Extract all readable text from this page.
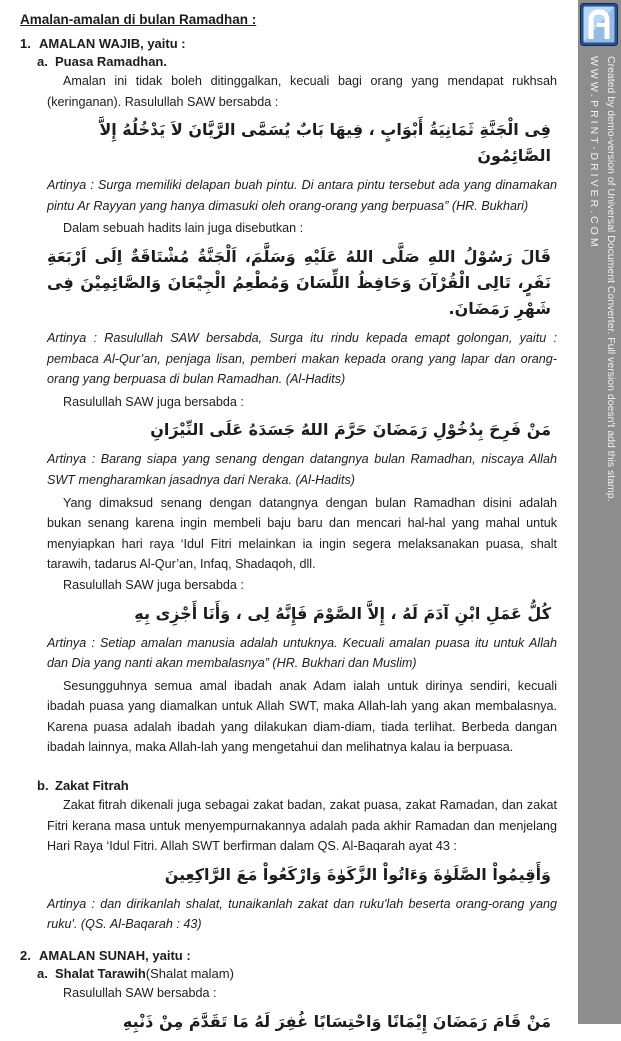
Amalan-amalan di bulan Ramadhan :
1. AMALAN WAJIB, yaitu :
a. Puasa Ramadhan.

Amalan ini tidak boleh ditinggalkan, kecuali bagi orang yang mendapat rukhsah (keringanan). Rasulullah SAW bersabda :

فِى الْجَنَّةِ ثَمَانِيَةُ أَبْوَابٍ ، فِيهَا بَابٌ يُسَمَّى الرَّيَّانَ لاَ يَدْخُلُهُ إِلاَّ الصَّائِمُونَ

Artinya : Surga memiliki delapan buah pintu. Di antara pintu tersebut ada yang dinamakan pintu Ar Rayyan yang hanya dimasuki oleh orang-orang yang berpuasa” (HR. Bukhari)

Dalam sebuah hadits lain juga disebutkan :

قَالَ رَسُوْلُ اللهِ صَلَّى اللهُ عَلَيْهِ وَسَلَّمَ، اَلْجَنَّةُ مُشْتَاقَةٌ اِلَى اَرْبَعَةِ نَفَرٍ، تَالِى الْقُرْآنَ وَحَافِظُ اللِّسَانَ وَمُطْعِمُ الْجِيْعَانَ وَالصَّائِمِيْنَ فِى شَهْرِ رَمَضَانَ.

Artinya : Rasulullah SAW bersabda, Surga itu rindu kepada emapt golongan, yaitu : pembaca Al-Qur’an, penjaga lisan, pemberi makan kepada orang yang lapar dan orang-orang yang berpuasa di bulan Ramadhan. (Al-Hadits)

Rasulullah SAW juga bersabda :

مَنْ فَرِحَ بِدُخُوْلِ رَمَضَانَ حَرَّمَ اللهُ جَسَدَهُ عَلَى النِّيْرَانِ

Artinya : Barang siapa yang senang dengan datangnya bulan Ramadhan, niscaya Allah SWT mengharamkan jasadnya dari Neraka. (Al-Hadits)

Yang dimaksud senang dengan datangnya dengan bulan Ramadhan disini adalah bukan senang karena ingin membeli baju baru dan mencari hal-hal yang mahal untuk menyiapkan hari raya ‘Idul Fitri melainkan ia ingin segera melaksanakan puasa, shalt tarawih, tadarus Al-Qur’an, Infaq, Shadaqoh, dll.

Rasulullah SAW juga bersabda :

كُلُّ عَمَلِ ابْنِ آدَمَ لَهُ ، إِلاَّ الصَّوْمَ فَإِنَّهُ لِى ، وَأَنَا أَجْزِى بِهِ

Artinya : Setiap amalan manusia adalah untuknya. Kecuali amalan puasa itu untuk Allah dan Dia yang nanti akan membalasnya” (HR. Bukhari dan Muslim)

Sesungguhnya semua amal ibadah anak Adam ialah untuk dirinya sendiri, kecuali ibadah puasa yang diamalkan untuk Allah SWT, maka Allah-lah yang akan membalasnya. Karena puasa adalah ibadah yang dilakukan diam-diam, tiada terlihat. Berbeda dangan ibadah lainnya, maka Allah-lah yang mengetahui dan melihatnya kalau ia berpuasa.

b. Zakat Fitrah

Zakat fitrah dikenali juga sebagai zakat badan, zakat puasa, zakat Ramadan, dan zakat Fitri kerana masa untuk menyempurnakannya adalah pada akhir Ramadan dan menjelang Hari Raya ‘Idul Fitri. Allah SWT berfirman dalam QS. Al-Baqarah ayat 43 :

وَأَقِيمُواْ الصَّلَوٰةَ وَءَاتُواْ الزَّكَوٰةَ وَارْكَعُواْ مَعَ الرَّاكِعِينَ

Artinya : dan dirikanlah shalat, tunaikanlah zakat dan ruku'lah beserta orang-orang yang ruku'. (QS. Al-Baqarah : 43)

2. AMALAN SUNAH, yaitu :
a. Shalat Tarawih (Shalat malam)

Rasulullah SAW bersabda :

مَنْ قَامَ رَمَضَانَ إِيْمَانًا وَاحْتِسَابًا غُفِرَ لَهُ مَا تَقَدَّمَ مِنْ ذَنْبِهِ

WWW.PRINT-DRIVER.COM Created by demo-version of Universal Document Converter. Full version doesn't add this stamp.
